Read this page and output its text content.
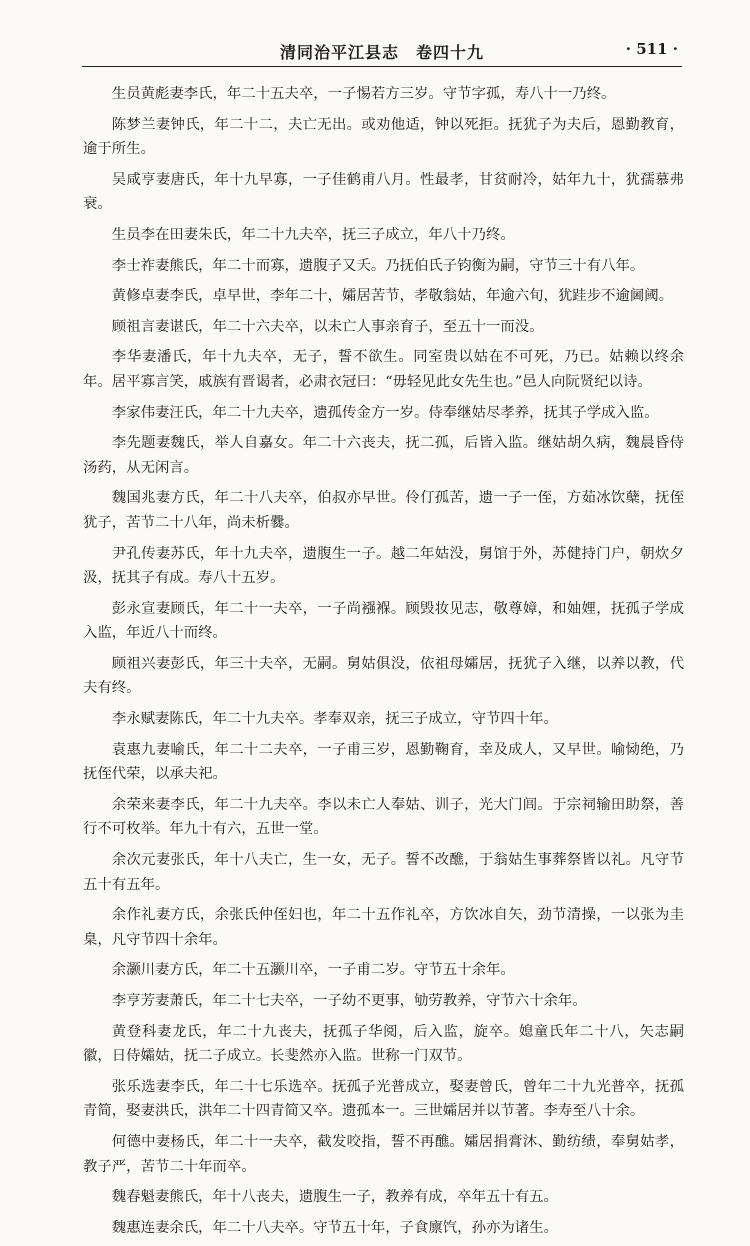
清同治平江县志　卷四十九	· 511 ·

生员黄彪妻李氏，年二十五夫卒，一子惕若方三岁。守节字孤，寿八十一乃终。

陈梦兰妻钟氏，年二十二，夫亡无出。或劝他适，钟以死拒。抚犹子为夫后，恩勤教育，逾于所生。

吴咸亨妻唐氏，年十九早寡，一子佳鹤甫八月。性最孝，甘贫耐冷，姑年九十，犹孺慕弗衰。

生员李在田妻朱氏，年二十九夫卒，抚三子成立，年八十乃终。

李士祚妻熊氏，年二十而寡，遗腹子又夭。乃抚伯氏子钧衡为嗣，守节三十有八年。

黄修卓妻李氏，卓早世，李年二十，孀居苦节，孝敬翁姑，年逾六旬，犹跬步不逾阃阈。

顾祖言妻谌氏，年二十六夫卒，以未亡人事亲育子，至五十一而没。

李华妻潘氏，年十九夫卒，无子，誓不欲生。同室贵以姑在不可死，乃已。姑赖以终余年。居平寡言笑，戚族有晋谒者，必肃衣冠曰：“毋轻见此女先生也。”邑人向阮贤纪以诗。

李家伟妻汪氏，年二十九夫卒，遗孤传金方一岁。侍奉继姑尽孝养，抚其子学成入监。

李先题妻魏氏，举人自嘉女。年二十六丧夫，抚二孤，后皆入监。继姑胡久病，魏晨昏侍汤药，从无闲言。

魏国兆妻方氏，年二十八夫卒，伯叔亦早世。伶仃孤苦，遗一子一侄，方茹冰饮蘖，抚侄犹子，苦节二十八年，尚未析爨。

尹孔传妻苏氏，年十九夫卒，遗腹生一子。越二年姑没，舅馆于外，苏健持门户，朝炊夕汲，抚其子有成。寿八十五岁。

彭永宣妻顾氏，年二十一夫卒，一子尚襁褓。顾毁妆见志，敬尊嫜，和妯娌，抚孤子学成入监，年近八十而终。

顾祖兴妻彭氏，年三十夫卒，无嗣。舅姑俱没，依祖母孀居，抚犹子入继，以养以教，代夫有终。

李永赋妻陈氏，年二十九夫卒。孝奉双亲，抚三子成立，守节四十年。

袁惠九妻喻氏，年二十二夫卒，一子甫三岁，恩勤鞠育，幸及成人，又早世。喻恸绝，乃抚侄代荣，以承夫祀。

余荣来妻李氏，年二十九夫卒。李以未亡人奉姑、训子，光大门闾。于宗祠输田助祭，善行不可枚举。年九十有六，五世一堂。

余次元妻张氏，年十八夫亡，生一女，无子。誓不改醮，于翁姑生事葬祭皆以礼。凡守节五十有五年。

余作礼妻方氏，余张氏仲侄妇也，年二十五作礼卒，方饮冰自矢，劲节清操，一以张为圭臬，凡守节四十余年。

余灏川妻方氏，年二十五灏川卒，一子甫二岁。守节五十余年。

李亨芳妻萧氏，年二十七夫卒，一子幼不更事，劬劳教养，守节六十余年。

黄登科妻龙氏，年二十九丧夫，抚孤子华阅，后入监，旋卒。媳童氏年二十八，矢志嗣徽，日侍孀姑，抚二子成立。长斐然亦入监。世称一门双节。

张乐选妻李氏，年二十七乐选卒。抚孤子光普成立，娶妻曾氏，曾年二十九光普卒，抚孤青简，娶妻洪氏，洪年二十四青简又卒。遗孤本一。三世孀居并以节著。李寿至八十余。

何德中妻杨氏，年二十一夫卒，截发咬指，誓不再醮。孀居捐膏沐、勤纺绩，奉舅姑孝，教子严，苦节二十年而卒。

魏春魁妻熊氏，年十八丧夫，遗腹生一子，教养有成，卒年五十有五。

魏惠连妻余氏，年二十八夫卒。守节五十年，子食廪饩，孙亦为诸生。
